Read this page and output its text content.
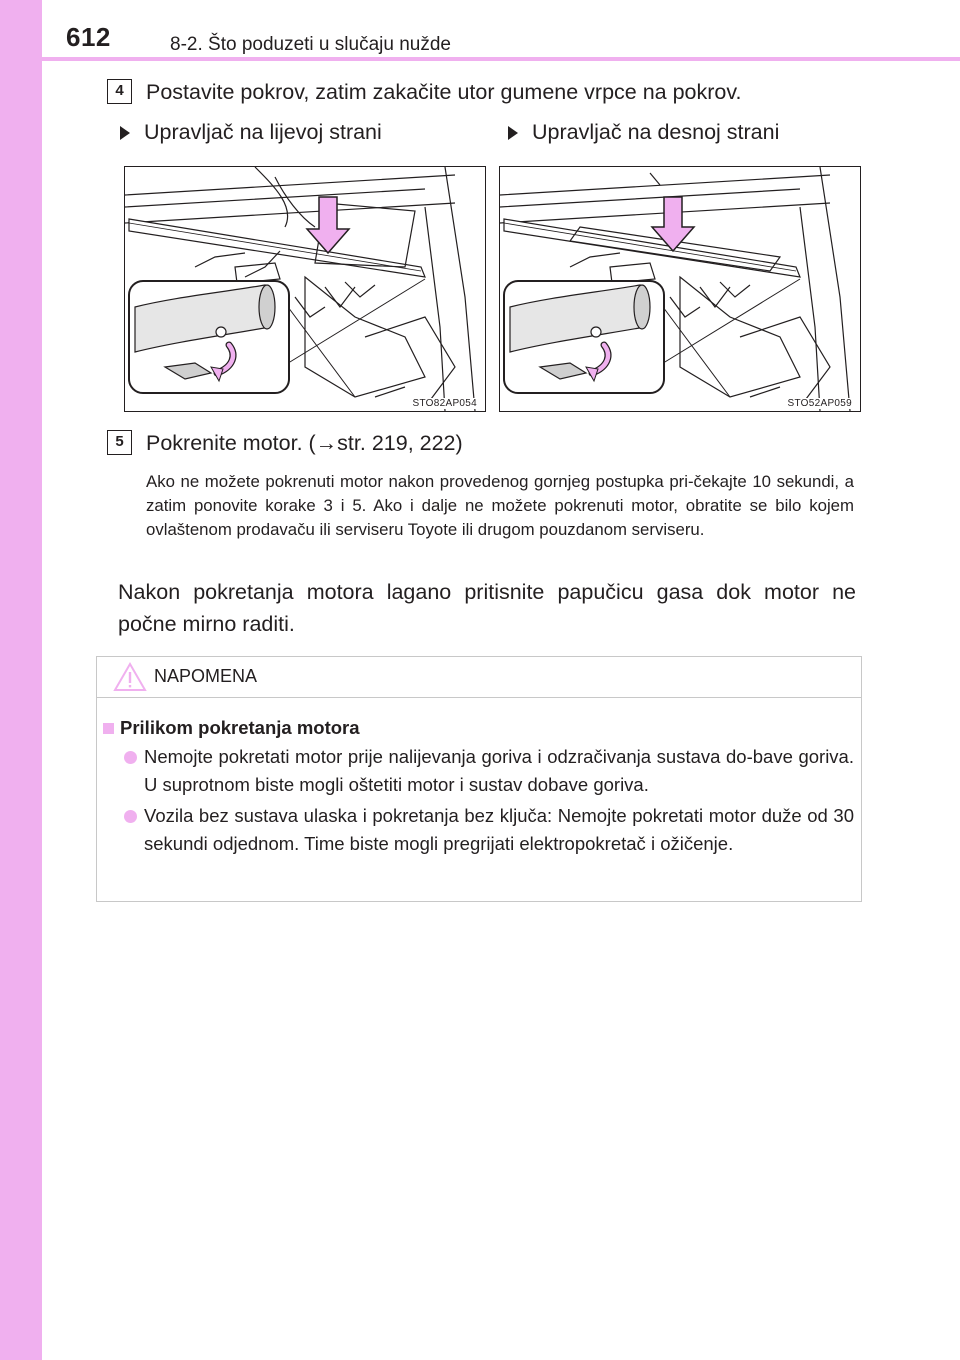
612	8-2. Što poduzeti u slučaju nužde
4	Postavite pokrov, zatim zakačite utor gumene vrpce na pokrov.
Upravljač na lijevoj strani	Upravljač na desnoj strani
STO82AP054	STO52AP059
5	Pokrenite motor. (→str. 219, 222)
Ako ne možete pokrenuti motor nakon provedenog gornjeg postupka pri-čekajte 10 sekundi, a zatim ponovite korake 3 i 5. Ako i dalje ne možete pokrenuti motor, obratite se bilo kojem ovlaštenom prodavaču ili serviseru Toyote ili drugom pouzdanom serviseru.
Nakon pokretanja motora lagano pritisnite papučicu gasa dok motor ne počne mirno raditi.
NAPOMENA
Prilikom pokretanja motora
Nemojte pokretati motor prije nalijevanja goriva i odzračivanja sustava do-bave goriva. U suprotnom biste mogli oštetiti motor i sustav dobave goriva.
Vozila bez sustava ulaska i pokretanja bez ključa: Nemojte pokretati motor duže od 30 sekundi odjednom. Time biste mogli pregrijati elektropokretač i ožičenje.
